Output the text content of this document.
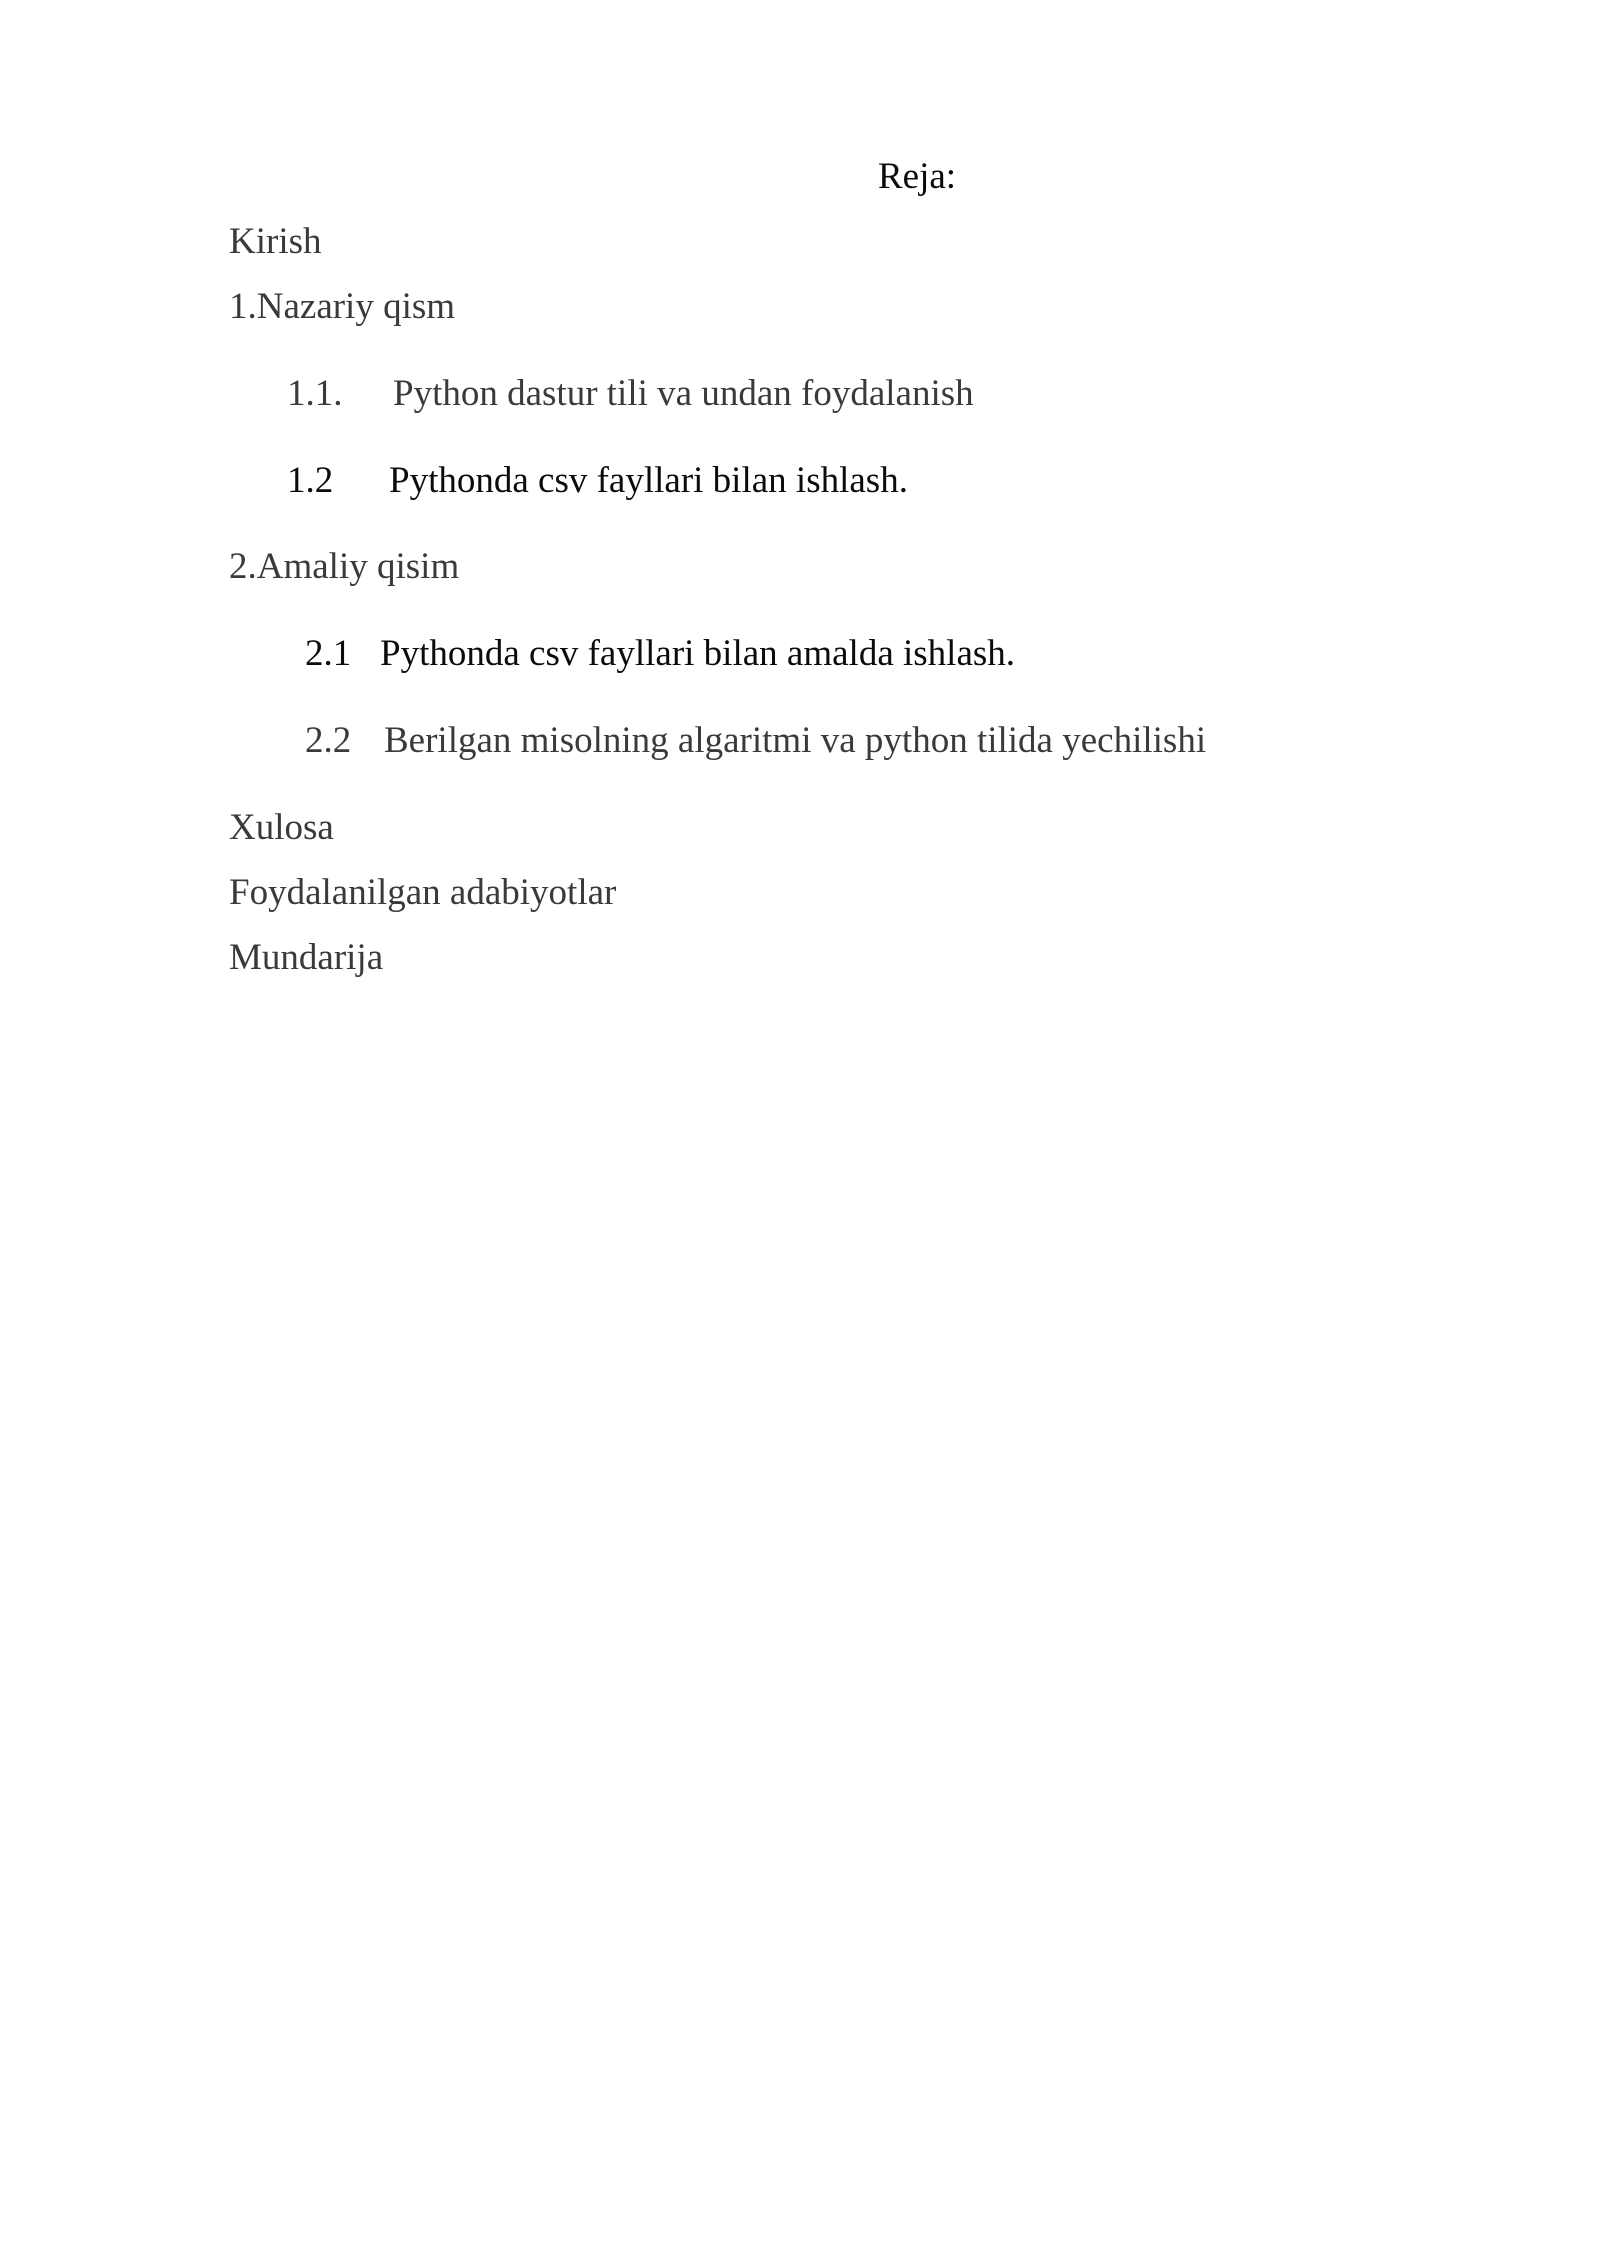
Reja:
Kirish
1.Nazariy qism
1.1. Python dastur tili va undan foydalanish
1.2 Pythonda csv fayllari bilan ishlash.
2.Amaliy qisim
2.1 Pythonda csv fayllari bilan amalda ishlash.
2.2 Berilgan misolning algaritmi va python tilida yechilishi
Xulosa
Foydalanilgan adabiyotlar
Mundarija
